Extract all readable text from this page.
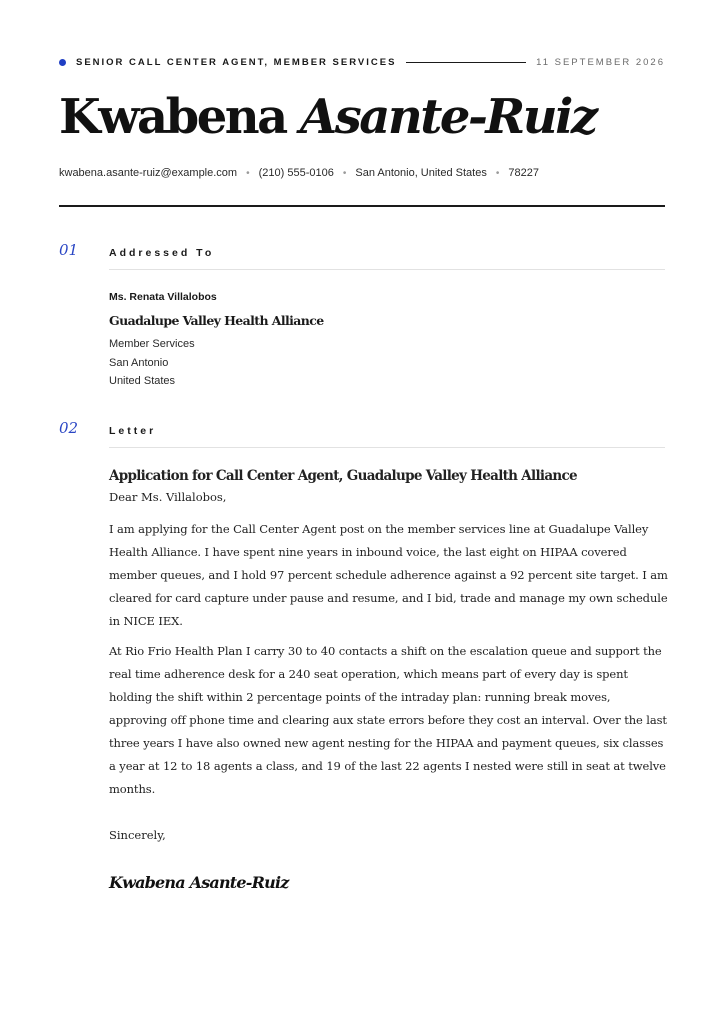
SENIOR CALL CENTER AGENT, MEMBER SERVICES	11 SEPTEMBER 2026
Kwabena Asante-Ruiz
kwabena.asante-ruiz@example.com • (210) 555-0106 • San Antonio, United States • 78227
01	Addressed To

Ms. Renata Villalobos

Guadalupe Valley Health Alliance
Member Services
San Antonio
United States
02	Letter

Application for Call Center Agent, Guadalupe Valley Health Alliance

Dear Ms. Villalobos,
I am applying for the Call Center Agent post on the member services line at Guadalupe Valley Health Alliance. I have spent nine years in inbound voice, the last eight on HIPAA covered member queues, and I hold 97 percent schedule adherence against a 92 percent site target. I am cleared for card capture under pause and resume, and I bid, trade and manage my own schedule in NICE IEX.
At Rio Frio Health Plan I carry 30 to 40 contacts a shift on the escalation queue and support the real time adherence desk for a 240 seat operation, which means part of every day is spent holding the shift within 2 percentage points of the intraday plan: running break moves, approving off phone time and clearing aux state errors before they cost an interval. Over the last three years I have also owned new agent nesting for the HIPAA and payment queues, six classes a year at 12 to 18 agents a class, and 19 of the last 22 agents I nested were still in seat at twelve months.
Sincerely,
Kwabena Asante-Ruiz
